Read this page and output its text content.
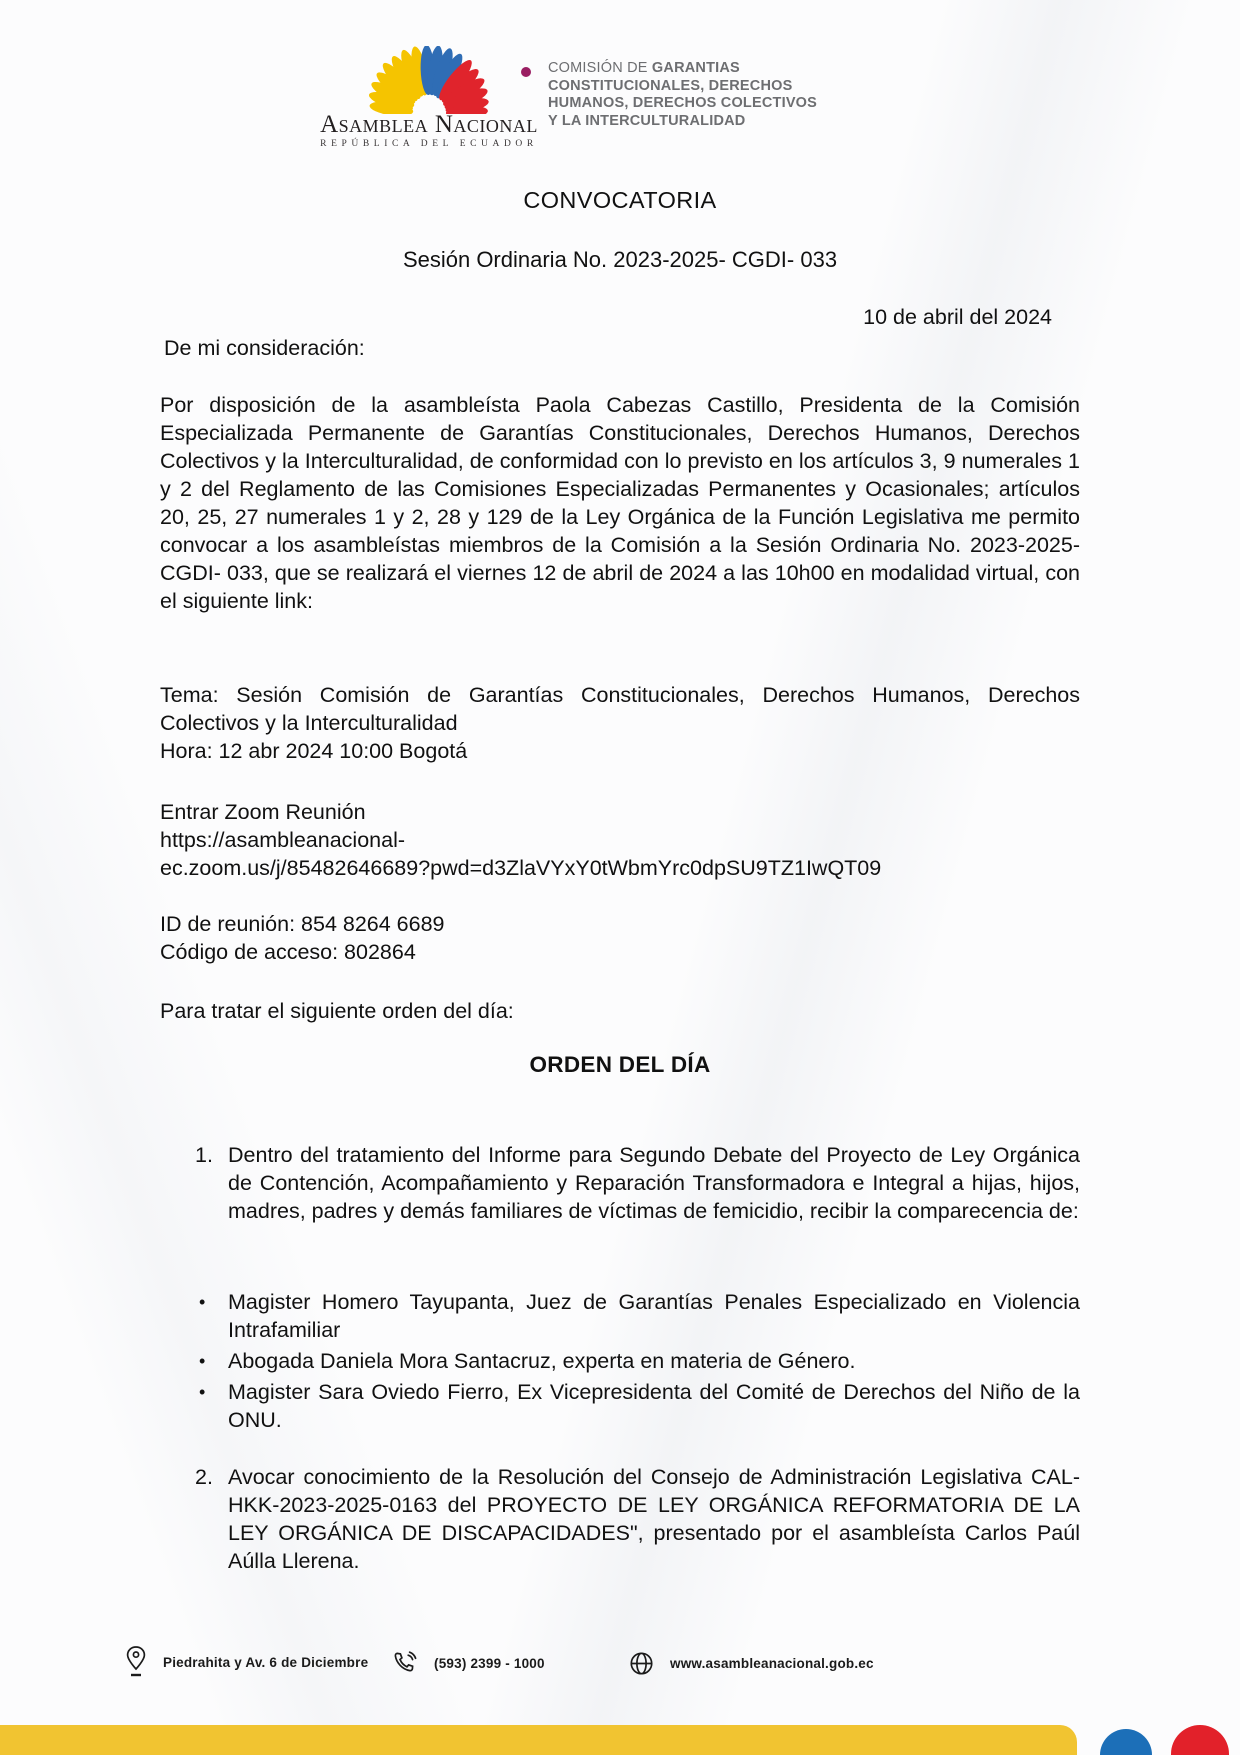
Asamblea Nacional
REPÚBLICA DEL ECUADOR
COMISIÓN DE GARANTIAS
CONSTITUCIONALES, DERECHOS
HUMANOS, DERECHOS COLECTIVOS
Y LA INTERCULTURALIDAD
CONVOCATORIA
Sesión Ordinaria No. 2023-2025- CGDI- 033
10 de abril del 2024
De mi consideración:
Por disposición de la asambleísta Paola Cabezas Castillo, Presidenta de la Comisión Especializada Permanente de Garantías Constitucionales, Derechos Humanos, Derechos Colectivos y la Interculturalidad, de conformidad con lo previsto en los artículos 3, 9 numerales 1 y 2 del Reglamento de las Comisiones Especializadas Permanentes y Ocasionales; artículos 20, 25, 27 numerales 1 y 2, 28 y 129 de la Ley Orgánica de la Función Legislativa me permito convocar a los asambleístas miembros de la Comisión a la Sesión Ordinaria No. 2023-2025- CGDI- 033, que se realizará el viernes 12 de abril de 2024 a las 10h00 en modalidad virtual, con el siguiente link:
Tema: Sesión Comisión de Garantías Constitucionales, Derechos Humanos, Derechos Colectivos y la Interculturalidad
Hora: 12 abr 2024 10:00 Bogotá
Entrar Zoom Reunión
https://asambleanacional-
ec.zoom.us/j/85482646689?pwd=d3ZlaVYxY0tWbmYrc0dpSU9TZ1IwQT09
ID de reunión: 854 8264 6689
Código de acceso: 802864
Para tratar el siguiente orden del día:
ORDEN DEL DÍA
1. Dentro del tratamiento del Informe para Segundo Debate del Proyecto de Ley Orgánica de Contención, Acompañamiento y Reparación Transformadora e Integral a hijas, hijos, madres, padres y demás familiares de víctimas de femicidio, recibir la comparecencia de:
•	Magister Homero Tayupanta, Juez de Garantías Penales Especializado en Violencia Intrafamiliar
•	Abogada Daniela Mora Santacruz, experta en materia de Género.
•	Magister Sara Oviedo Fierro, Ex Vicepresidenta del Comité de Derechos del Niño de la ONU.
2. Avocar conocimiento de la Resolución del Consejo de Administración Legislativa CAL-HKK-2023-2025-0163 del PROYECTO DE LEY ORGÁNICA REFORMATORIA DE LA LEY ORGÁNICA DE DISCAPACIDADES", presentado por el asambleísta Carlos Paúl Aúlla Llerena.
Piedrahita y Av. 6 de Diciembre	(593) 2399 - 1000	www.asambleanacional.gob.ec
